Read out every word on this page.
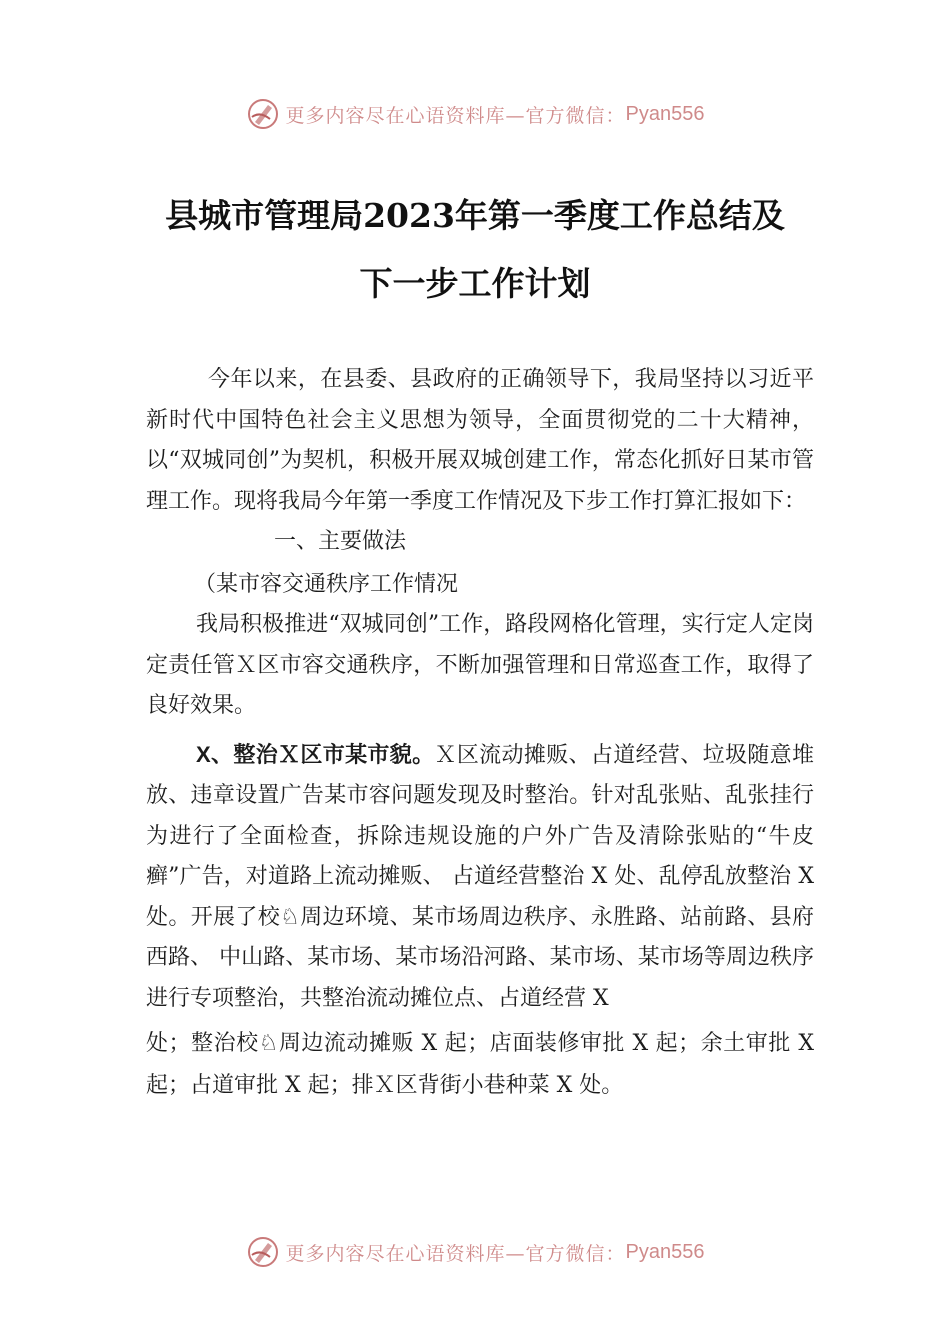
更多内容尽在心语资料库—官方微信： Pyan556
县城市管理局2023年第一季度工作总结及
下一步工作计划

今年以来，在县委、县政府的正确领导下，我局坚持以习近平新时代中国特色社会主义思想为领导，全面贯彻党的二十大精神，以“双城同创”为契机，积极开展双城创建工作，常态化抓好日某市管理工作。现将我局今年第一季度工作情况及下步工作打算汇报如下：

一、主要做法

（某市容交通秩序工作情况

我局积极推进“双城同创”工作，路段网格化管理，实行定人定岗定责任管Ｘ区市容交通秩序，不断加强管理和日常巡查工作，取得了良好效果。

X、整治Ｘ区市某市貌。Ｘ区流动摊贩、占道经营、垃圾随意堆放、违章设置广告某市容问题发现及时整治。针对乱张贴、乱张挂行为进行了全面检查，拆除违规设施的户外广告及清除张贴的“牛皮癣”广告，对道路上流动摊贩、 占道经营整治 X 处、乱停乱放整治 X 处。开展了校♘周边环境、某市场周边秩序、永胜路、站前路、县府西路、 中山路、某市场、某市场沿河路、某市场、某市场等周边秩序进行专项整治，共整治流动摊位点、占道经营 X

处；整治校♘周边流动摊贩 X 起；店面装修审批 X 起；余土审批 X 起；占道审批 X 起；排Ｘ区背街小巷种菜 X 处。

更多内容尽在心语资料库—官方微信： Pyan556
